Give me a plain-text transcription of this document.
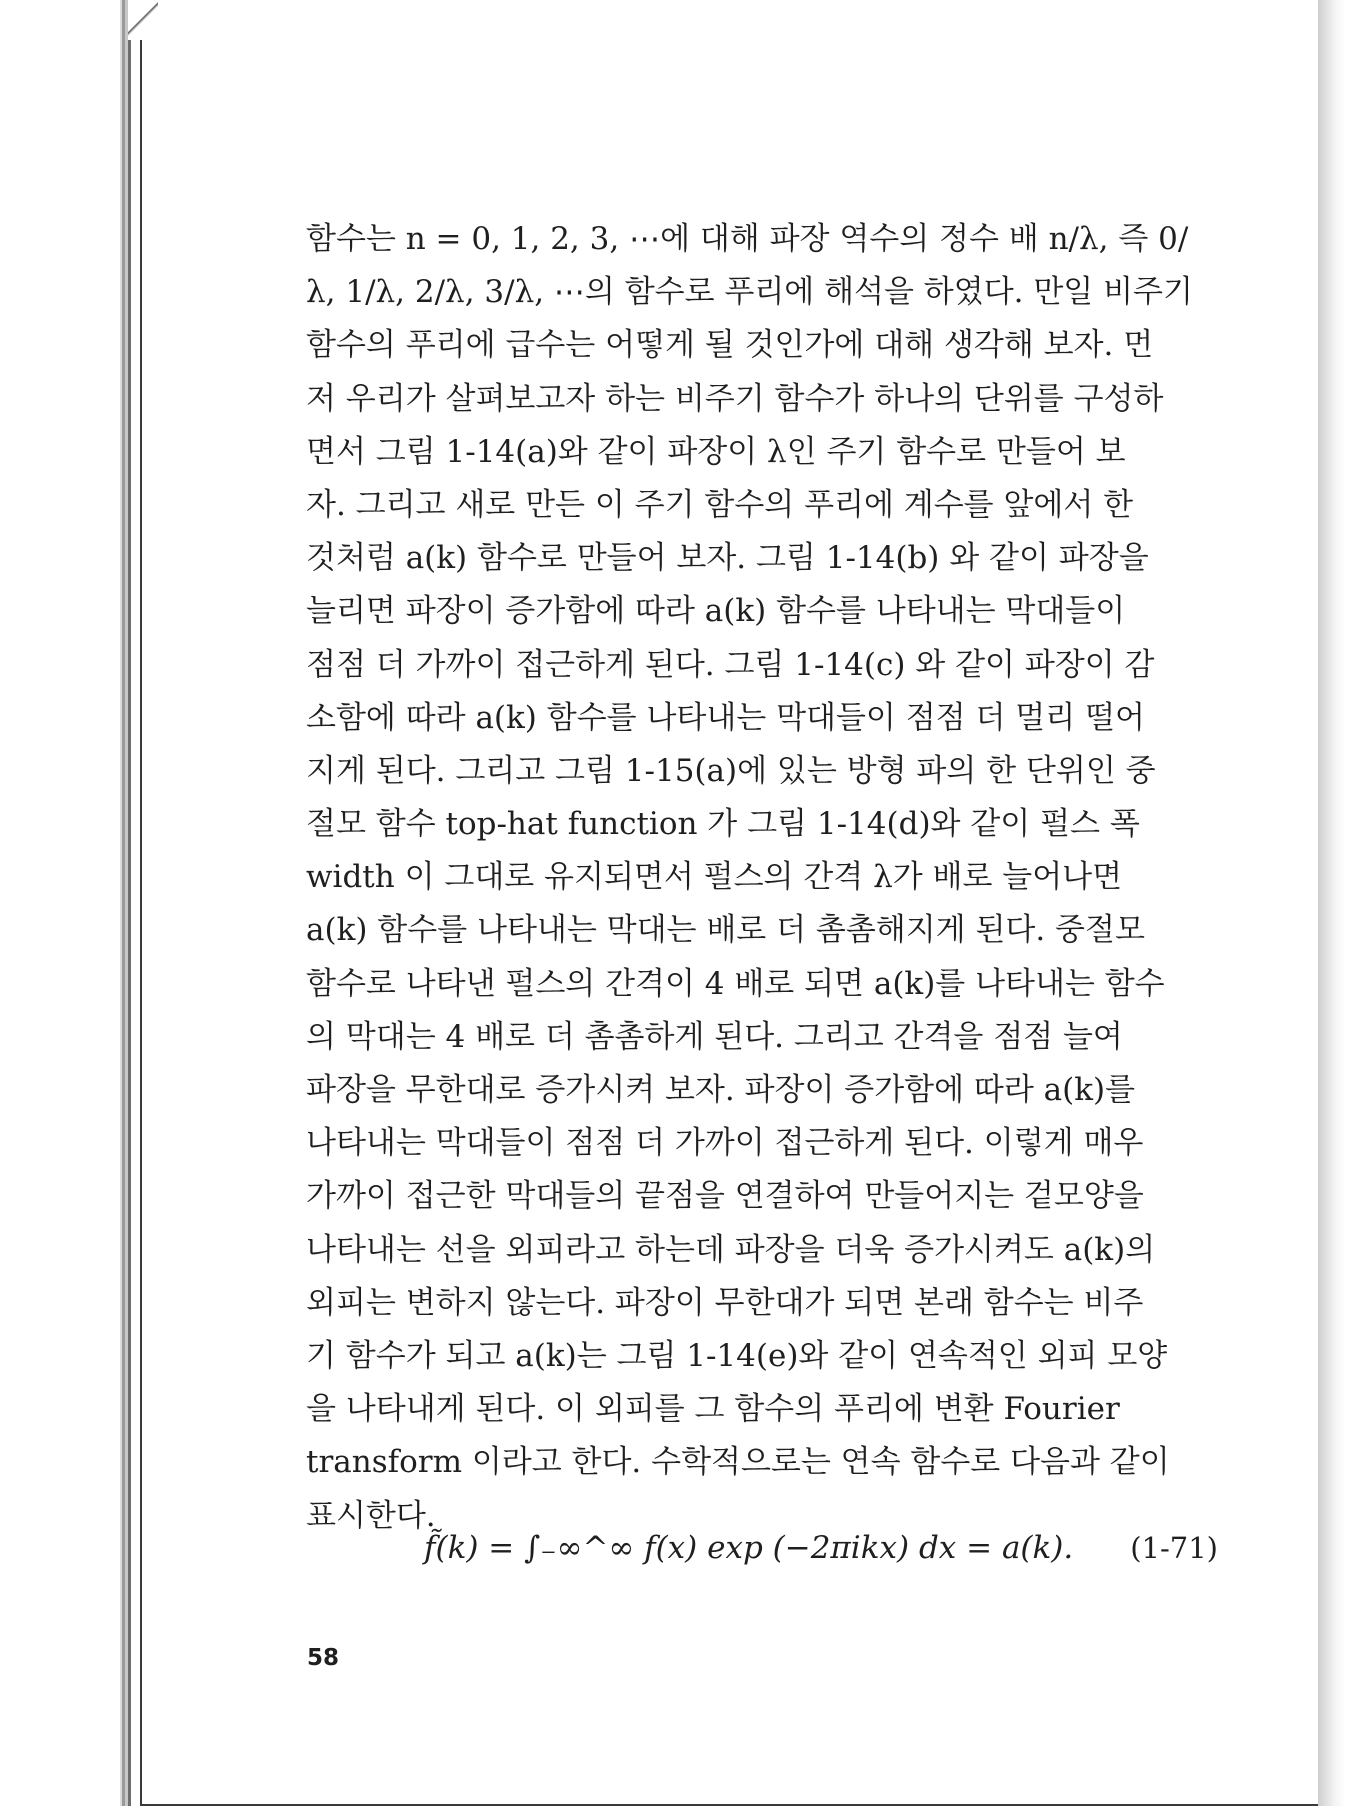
함수는 n = 0, 1, 2, 3, ⋯에 대해 파장 역수의 정수 배 n/λ, 즉 0/
λ, 1/λ, 2/λ, 3/λ, ⋯의 함수로 푸리에 해석을 하였다. 만일 비주기
함수의 푸리에 급수는 어떻게 될 것인가에 대해 생각해 보자. 먼
저 우리가 살펴보고자 하는 비주기 함수가 하나의 단위를 구성하
면서 그림 1-14(a)와 같이 파장이 λ인 주기 함수로 만들어 보
자. 그리고 새로 만든 이 주기 함수의 푸리에 계수를 앞에서 한
것처럼 a(k) 함수로 만들어 보자. 그림 1-14(b) 와 같이 파장을
늘리면 파장이 증가함에 따라 a(k) 함수를 나타내는 막대들이
점점 더 가까이 접근하게 된다. 그림 1-14(c) 와 같이 파장이 감
소함에 따라 a(k) 함수를 나타내는 막대들이 점점 더 멀리 떨어
지게 된다. 그리고 그림 1-15(a)에 있는 방형 파의 한 단위인 중
절모 함수 top-hat function 가 그림 1-14(d)와 같이 펄스 폭
width 이 그대로 유지되면서 펄스의 간격 λ가 배로 늘어나면
a(k) 함수를 나타내는 막대는 배로 더 촘촘해지게 된다. 중절모
함수로 나타낸 펄스의 간격이 4 배로 되면 a(k)를 나타내는 함수
의 막대는 4 배로 더 촘촘하게 된다. 그리고 간격을 점점 늘여
파장을 무한대로 증가시켜 보자. 파장이 증가함에 따라 a(k)를
나타내는 막대들이 점점 더 가까이 접근하게 된다. 이렇게 매우
가까이 접근한 막대들의 끝점을 연결하여 만들어지는 겉모양을
나타내는 선을 외피라고 하는데 파장을 더욱 증가시켜도 a(k)의
외피는 변하지 않는다. 파장이 무한대가 되면 본래 함수는 비주
기 함수가 되고 a(k)는 그림 1-14(e)와 같이 연속적인 외피 모양
을 나타내게 된다. 이 외피를 그 함수의 푸리에 변환 Fourier
transform 이라고 한다. 수학적으로는 연속 함수로 다음과 같이
표시한다.
f̃(k) = ∫₋∞^∞ f(x) exp (−2πikx) dx = a(k). (1-71)
58
